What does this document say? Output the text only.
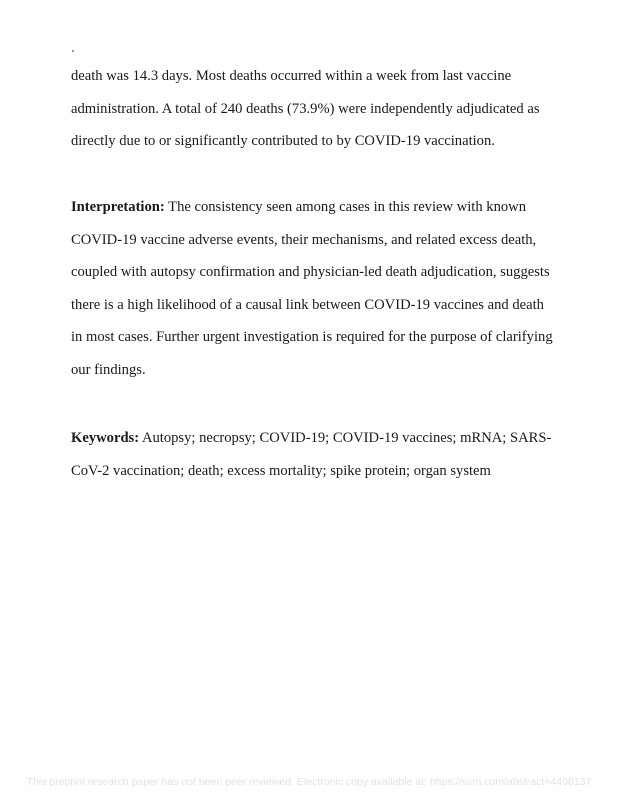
death was 14.3 days. Most deaths occurred within a week from last vaccine
administration. A total of 240 deaths (73.9%) were independently adjudicated as
directly due to or significantly contributed to by COVID-19 vaccination.
Interpretation: The consistency seen among cases in this review with known
COVID-19 vaccine adverse events, their mechanisms, and related excess death,
coupled with autopsy confirmation and physician-led death adjudication, suggests
there is a high likelihood of a causal link between COVID-19 vaccines and death
in most cases. Further urgent investigation is required for the purpose of clarifying
our findings.
Keywords: Autopsy; necropsy; COVID-19; COVID-19 vaccines; mRNA; SARS-
CoV-2 vaccination; death; excess mortality; spike protein; organ system
This preprint research paper has not been peer reviewed. Electronic copy available at: https://ssrn.com/abstract=4496137
